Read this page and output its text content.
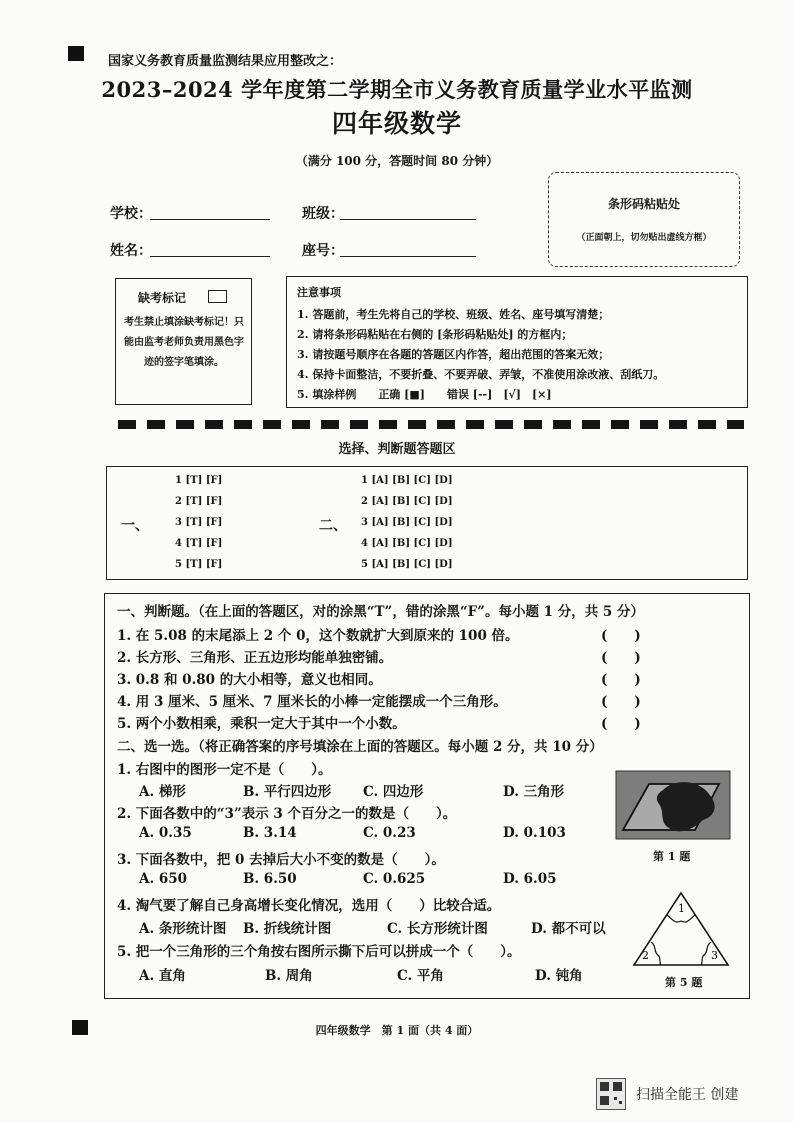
国家义务教育质量监测结果应用整改之：
2023–2024 学年度第二学期全市义务教育质量学业水平监测
四年级数学
（满分 100 分，答题时间 80 分钟）
学校：	班级：
姓名：	座号：
条形码粘贴处
（正面朝上，切勿贴出虚线方框）
缺考标记
考生禁止填涂缺考标记！只能由监考老师负责用黑色字迹的签字笔填涂。
注意事项
1. 答题前，考生先将自己的学校、班级、姓名、座号填写清楚；
2. 请将条形码粘贴在右侧的 [条形码粘贴处] 的方框内；
3. 请按题号顺序在各题的答题区内作答，超出范围的答案无效；
4. 保持卡面整洁，不要折叠、不要弄破、弄皱，不准使用涂改液、刮纸刀。
5. 填涂样例　　正确 [■]　　错误 [--]　[√]　[×]
选择、判断题答题区
一、
1 [T] [F]
2 [T] [F]
3 [T] [F]
4 [T] [F]
5 [T] [F]
二、
1 [A] [B] [C] [D]
2 [A] [B] [C] [D]
3 [A] [B] [C] [D]
4 [A] [B] [C] [D]
5 [A] [B] [C] [D]
一、判断题。（在上面的答题区，对的涂黑“T”，错的涂黑“F”。每小题 1 分，共 5 分）
1. 在 5.08 的末尾添上 2 个 0，这个数就扩大到原来的 100 倍。	(　　)
2. 长方形、三角形、正五边形均能单独密铺。	(　　)
3. 0.8 和 0.80 的大小相等，意义也相同。	(　　)
4. 用 3 厘米、5 厘米、7 厘米长的小棒一定能摆成一个三角形。	(　　)
5. 两个小数相乘，乘积一定大于其中一个小数。	(　　)
二、选一选。（将正确答案的序号填涂在上面的答题区。每小题 2 分，共 10 分）
1. 右图中的图形一定不是（　　）。
A. 梯形	B. 平行四边形 C. 四边形	D. 三角形
2. 下面各数中的“3”表示 3 个百分之一的数是（　　）。
A. 0.35	B. 3.14	C. 0.23	D. 0.103
3. 下面各数中，把 0 去掉后大小不变的数是（　　）。
A. 650	B. 6.50	C. 0.625	D. 6.05
4. 淘气要了解自己身高增长变化情况，选用（　　）比较合适。
A. 条形统计图 B. 折线统计图	C. 长方形统计图	D. 都不可以
5. 把一个三角形的三个角按右图所示撕下后可以拼成一个（　　）。
A. 直角	B. 周角	C. 平角	D. 钝角
第 1 题
1
2	3
第 5 题
四年级数学　第 1 面（共 4 面）
扫描全能王 创建
